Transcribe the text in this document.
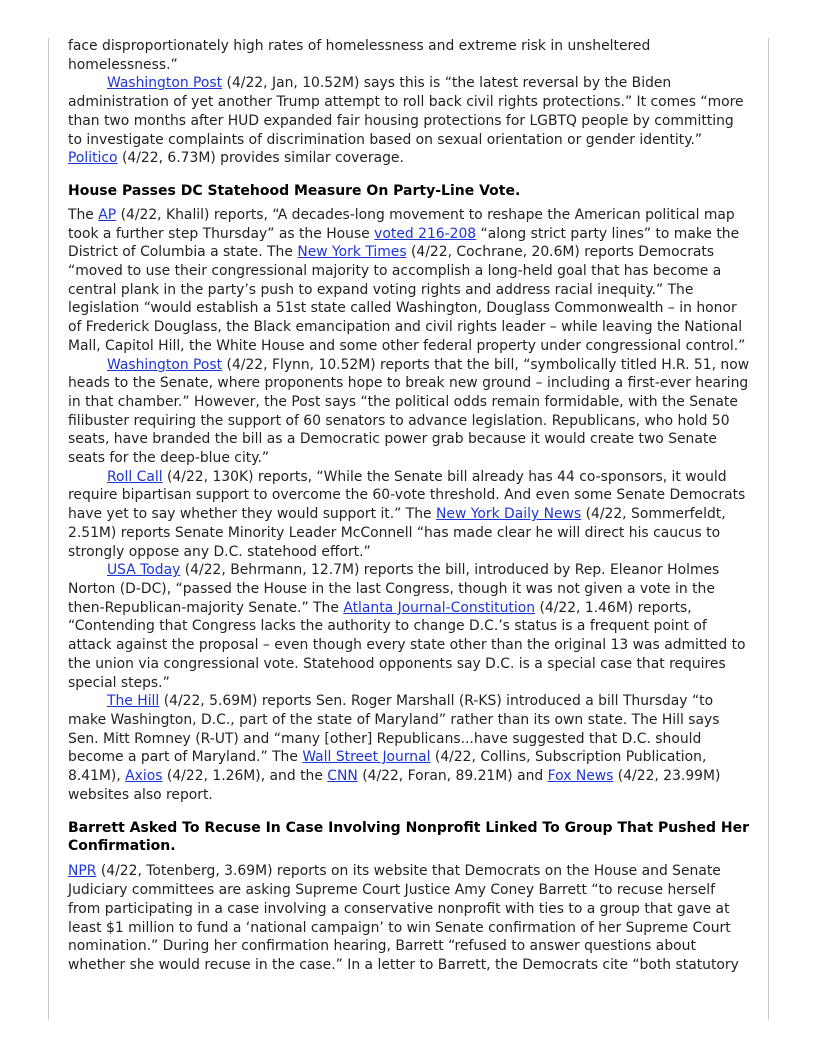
face disproportionately high rates of homelessness and extreme risk in unsheltered homelessness.”

Washington Post (4/22, Jan, 10.52M) says this is “the latest reversal by the Biden administration of yet another Trump attempt to roll back civil rights protections.” It comes “more than two months after HUD expanded fair housing protections for LGBTQ people by committing to investigate complaints of discrimination based on sexual orientation or gender identity.” Politico (4/22, 6.73M) provides similar coverage.

House Passes DC Statehood Measure On Party-Line Vote.

The AP (4/22, Khalil) reports, “A decades-long movement to reshape the American political map took a further step Thursday” as the House voted 216-208 “along strict party lines” to make the District of Columbia a state. The New York Times (4/22, Cochrane, 20.6M) reports Democrats “moved to use their congressional majority to accomplish a long-held goal that has become a central plank in the party’s push to expand voting rights and address racial inequity.” The legislation “would establish a 51st state called Washington, Douglass Commonwealth – in honor of Frederick Douglass, the Black emancipation and civil rights leader – while leaving the National Mall, Capitol Hill, the White House and some other federal property under congressional control.”

Washington Post (4/22, Flynn, 10.52M) reports that the bill, “symbolically titled H.R. 51, now heads to the Senate, where proponents hope to break new ground – including a first-ever hearing in that chamber.” However, the Post says “the political odds remain formidable, with the Senate filibuster requiring the support of 60 senators to advance legislation. Republicans, who hold 50 seats, have branded the bill as a Democratic power grab because it would create two Senate seats for the deep-blue city.”

Roll Call (4/22, 130K) reports, “While the Senate bill already has 44 co-sponsors, it would require bipartisan support to overcome the 60-vote threshold. And even some Senate Democrats have yet to say whether they would support it.” The New York Daily News (4/22, Sommerfeldt, 2.51M) reports Senate Minority Leader McConnell “has made clear he will direct his caucus to strongly oppose any D.C. statehood effort.”

USA Today (4/22, Behrmann, 12.7M) reports the bill, introduced by Rep. Eleanor Holmes Norton (D-DC), “passed the House in the last Congress, though it was not given a vote in the then-Republican-majority Senate.” The Atlanta Journal-Constitution (4/22, 1.46M) reports, “Contending that Congress lacks the authority to change D.C.’s status is a frequent point of attack against the proposal – even though every state other than the original 13 was admitted to the union via congressional vote. Statehood opponents say D.C. is a special case that requires special steps.”

The Hill (4/22, 5.69M) reports Sen. Roger Marshall (R-KS) introduced a bill Thursday “to make Washington, D.C., part of the state of Maryland” rather than its own state. The Hill says Sen. Mitt Romney (R-UT) and “many [other] Republicans...have suggested that D.C. should become a part of Maryland.” The Wall Street Journal (4/22, Collins, Subscription Publication, 8.41M), Axios (4/22, 1.26M), and the CNN (4/22, Foran, 89.21M) and Fox News (4/22, 23.99M) websites also report.

Barrett Asked To Recuse In Case Involving Nonprofit Linked To Group That Pushed Her Confirmation.

NPR (4/22, Totenberg, 3.69M) reports on its website that Democrats on the House and Senate Judiciary committees are asking Supreme Court Justice Amy Coney Barrett “to recuse herself from participating in a case involving a conservative nonprofit with ties to a group that gave at least $1 million to fund a ‘national campaign’ to win Senate confirmation of her Supreme Court nomination.” During her confirmation hearing, Barrett “refused to answer questions about whether she would recuse in the case.” In a letter to Barrett, the Democrats cite “both statutory
